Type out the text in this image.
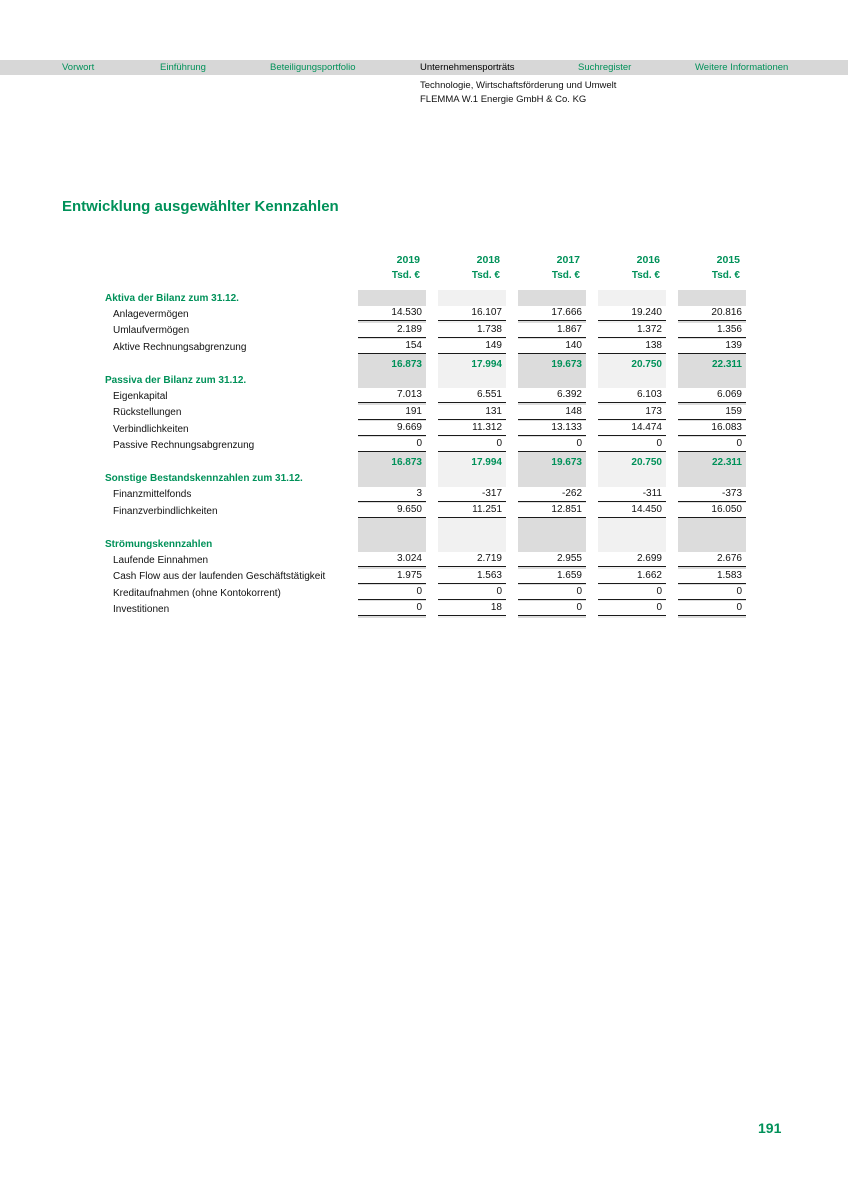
Vorwort	Einführung	Beteiligungsportfolio	Unternehmensporträts	Suchregister	Weitere Informationen
Technologie, Wirtschaftsförderung und Umwelt
FLEMMA W.1 Energie GmbH & Co. KG
Entwicklung ausgewählter Kennzahlen
2019	2018	2017	2016	2015
Tsd. €	Tsd. €	Tsd. €	Tsd. €	Tsd. €
Aktiva der Bilanz zum 31.12.
Anlagevermögen	14.530	16.107	17.666	19.240	20.816
Umlaufvermögen	2.189	1.738	1.867	1.372	1.356
Aktive Rechnungsabgrenzung	154	149	140	138	139
16.873	17.994	19.673	20.750	22.311
Passiva der Bilanz zum 31.12.
Eigenkapital	7.013	6.551	6.392	6.103	6.069
Rückstellungen	191	131	148	173	159
Verbindlichkeiten	9.669	11.312	13.133	14.474	16.083
Passive Rechnungsabgrenzung	0	0	0	0	0
16.873	17.994	19.673	20.750	22.311
Sonstige Bestandskennzahlen zum 31.12.
Finanzmittelfonds	3	-317	-262	-311	-373
Finanzverbindlichkeiten	9.650	11.251	12.851	14.450	16.050
Strömungskennzahlen
Laufende Einnahmen	3.024	2.719	2.955	2.699	2.676
Cash Flow aus der laufenden Geschäftstätigkeit	1.975	1.563	1.659	1.662	1.583
Kreditaufnahmen (ohne Kontokorrent)	0	0	0	0	0
Investitionen	0	18	0	0	0
191
